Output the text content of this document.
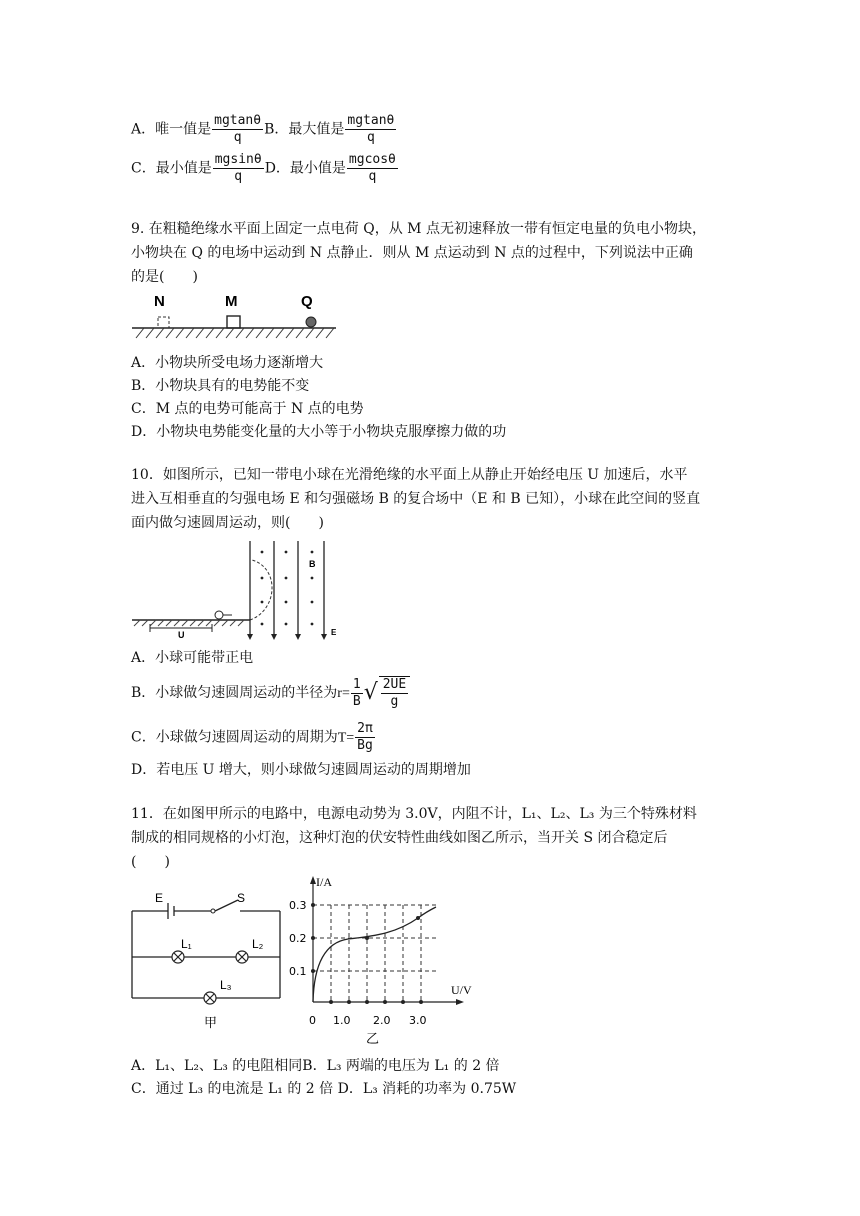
A．唯一值是 $\frac{mgtan\theta}{q}$ B．最大值是 $\frac{mgtan\theta}{q}$
C．最小值是 $\frac{mgsin\theta}{q}$ D．最小值是 $\frac{mgcos\theta}{q}$
9. 在粗糙绝缘水平面上固定一点电荷 Q，从 M 点无初速释放一带有恒定电量的负电小物块，
小物块在 Q 的电场中运动到 N 点静止．则从 M 点运动到 N 点的过程中，下列说法中正确
的是(　　)
N	M	Q
A．小物块所受电场力逐渐增大
B．小物块具有的电势能不变
C．M 点的电势可能高于 N 点的电势
D．小物块电势能变化量的大小等于小物块克服摩擦力做的功
10．如图所示，已知一带电小球在光滑绝缘的水平面上从静止开始经电压 U 加速后，水平
进入互相垂直的匀强电场 E 和匀强磁场 B 的复合场中（E 和 B 已知），小球在此空间的竖直
面内做匀速圆周运动，则(　　)
U
B
E
A．小球可能带正电
B．小球做匀速圆周运动的半径为$r= \frac{1}{B}$ √ $\frac{2UE}{g}$
C．小球做匀速圆周运动的周期为$T= \frac{2\pi}{Bg}$
D．若电压 U 增大，则小球做匀速圆周运动的周期增加
11．在如图甲所示的电路中，电源电动势为 3.0V，内阻不计，L₁、L₂、L₃ 为三个特殊材料
制成的相同规格的小灯泡，这种灯泡的伏安特性曲线如图乙所示，当开关 S 闭合稳定后
(　　)
E	S
L₁	L₂
L₃
甲
I/A
U/V
0.3
0.2
0.1
0 1.0 2.0 3.0
乙
A．L₁、L₂、L₃ 的电阻相同B．L₃ 两端的电压为 L₁ 的 2 倍
C．通过 L₃ 的电流是 L₁ 的 2 倍 D．L₃ 消耗的功率为 0.75W
